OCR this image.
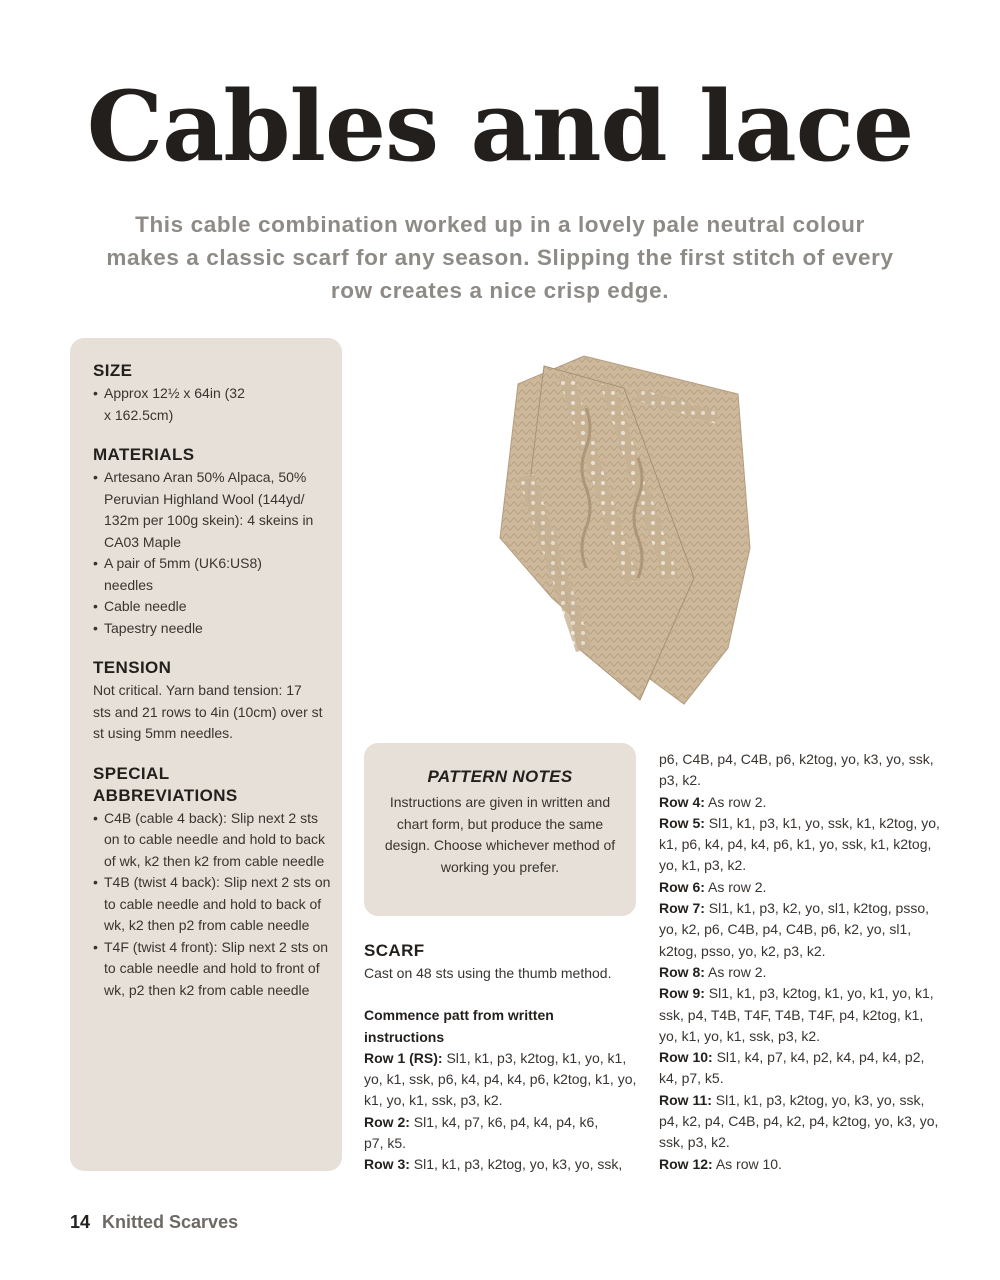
Cables and lace
This cable combination worked up in a lovely pale neutral colour makes a classic scarf for any season. Slipping the first stitch of every row creates a nice crisp edge.
SIZE
• Approx 12½ x 64in (32 x 162.5cm)
MATERIALS
• Artesano Aran 50% Alpaca, 50% Peruvian Highland Wool (144yd/ 132m per 100g skein): 4 skeins in CA03 Maple
• A pair of 5mm (UK6:US8) needles
• Cable needle
• Tapestry needle
TENSION
Not critical. Yarn band tension: 17 sts and 21 rows to 4in (10cm) over st st using 5mm needles.
SPECIAL ABBREVIATIONS
• C4B (cable 4 back): Slip next 2 sts on to cable needle and hold to back of wk, k2 then k2 from cable needle
• T4B (twist 4 back): Slip next 2 sts on to cable needle and hold to back of wk, k2 then p2 from cable needle
• T4F (twist 4 front): Slip next 2 sts on to cable needle and hold to front of wk, p2 then k2 from cable needle
PATTERN NOTES
Instructions are given in written and chart form, but produce the same design. Choose whichever method of working you prefer.
SCARF

Cast on 48 sts using the thumb method.

Commence patt from written instructions

Row 1 (RS): Sl1, k1, p3, k2tog, k1, yo, k1, yo, k1, ssk, p6, k4, p4, k4, p6, k2tog, k1, yo, k1, yo, k1, ssk, p3, k2.

Row 2: Sl1, k4, p7, k6, p4, k4, p4, k6, p7, k5.

Row 3: Sl1, k1, p3, k2tog, yo, k3, yo, ssk,

p6, C4B, p4, C4B, p6, k2tog, yo, k3, yo, ssk, p3, k2.

Row 4: As row 2.

Row 5: Sl1, k1, p3, k1, yo, ssk, k1, k2tog, yo, k1, p6, k4, p4, k4, p6, k1, yo, ssk, k1, k2tog, yo, k1, p3, k2.

Row 6: As row 2.

Row 7: Sl1, k1, p3, k2, yo, sl1, k2tog, psso, yo, k2, p6, C4B, p4, C4B, p6, k2, yo, sl1, k2tog, psso, yo, k2, p3, k2.

Row 8: As row 2.

Row 9: Sl1, k1, p3, k2tog, k1, yo, k1, yo, k1, ssk, p4, T4B, T4F, T4B, T4F, p4, k2tog, k1, yo, k1, yo, k1, ssk, p3, k2.

Row 10: Sl1, k4, p7, k4, p2, k4, p4, k4, p2, k4, p7, k5.

Row 11: Sl1, k1, p3, k2tog, yo, k3, yo, ssk, p4, k2, p4, C4B, p4, k2, p4, k2tog, yo, k3, yo, ssk, p3, k2.

Row 12: As row 10.

14 Knitted Scarves
